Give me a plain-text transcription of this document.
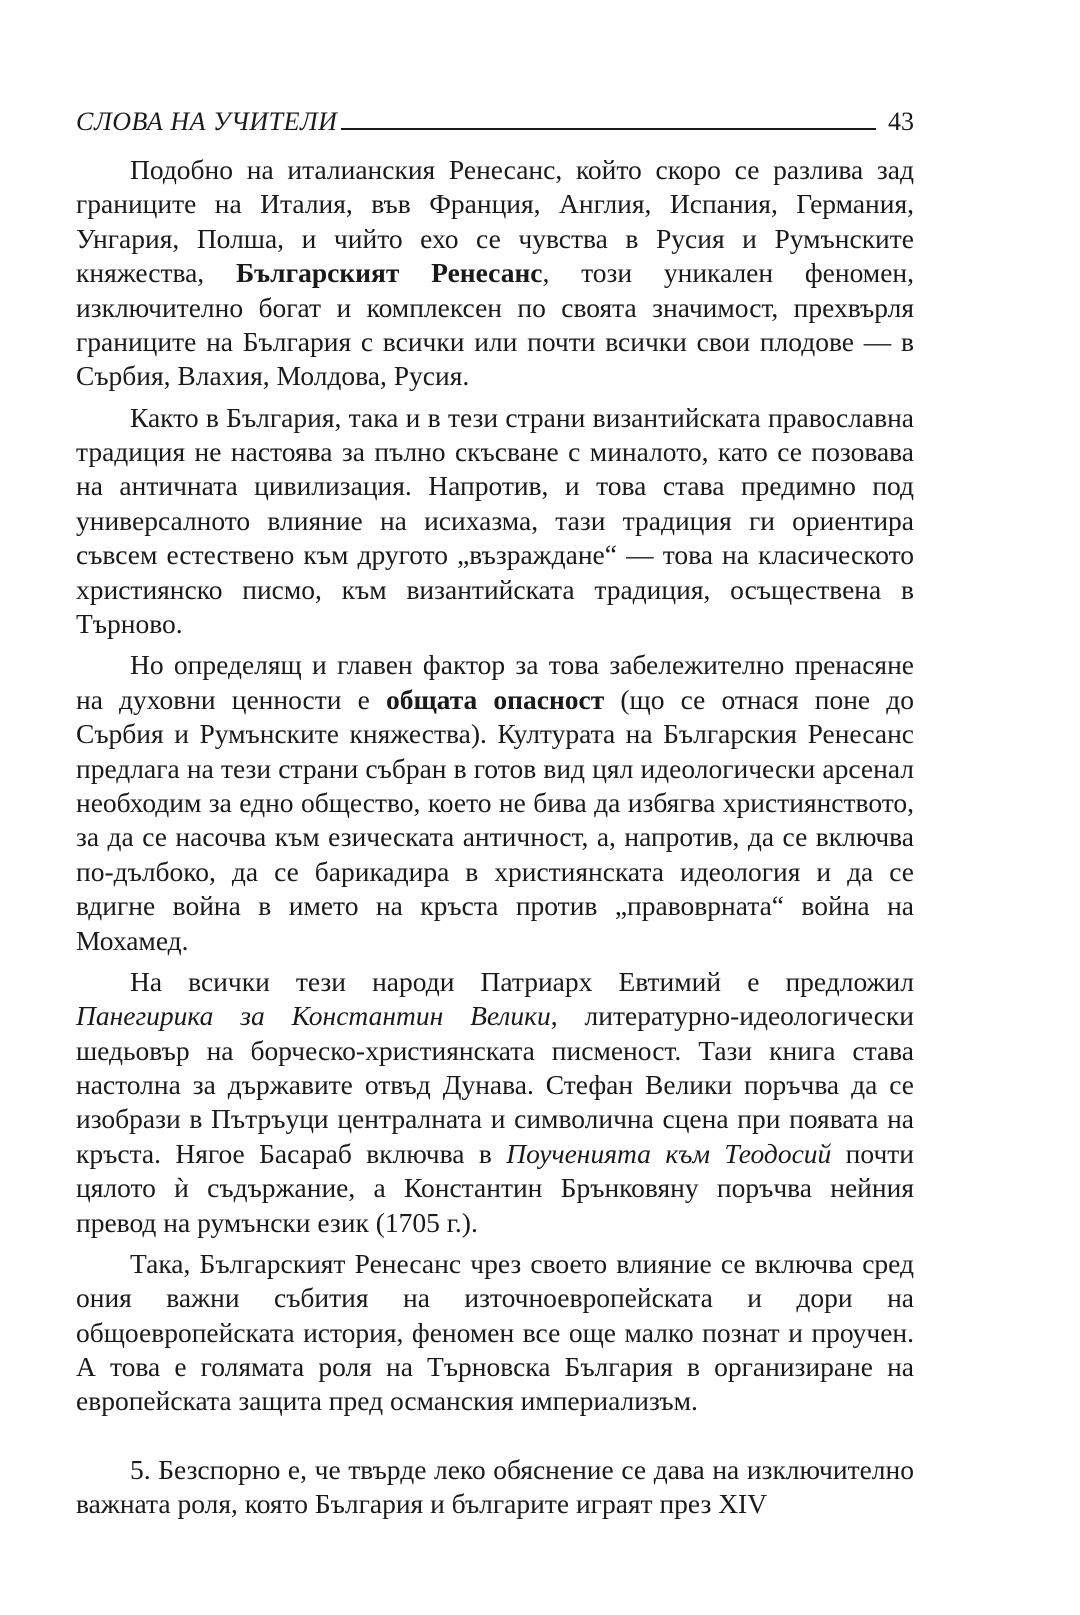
СЛОВА НА УЧИТЕЛИ	43

Подобно на италианския Ренесанс, който скоро се разлива зад границите на Италия, във Франция, Англия, Испания, Германия, Унгария, Полша, и чийто ехо се чувства в Русия и Румънските княжества, Българският Ренесанс, този уникален феномен, изключително богат и комплексен по своята значимост, прехвърля границите на България с всички или почти всички свои плодове — в Сърбия, Влахия, Молдова, Русия.

Както в България, така и в тези страни византийската православна традиция не настоява за пълно скъсване с миналото, като се позовава на античната цивилизация. Напротив, и това става предимно под универсалното влияние на исихазма, тази традиция ги ориентира съвсем естествено към другото „възраждане“ — това на класическото християнско писмо, към византийската традиция, осъществена в Търново.

Но определящ и главен фактор за това забележително пренасяне на духовни ценности е общата опасност (що се отнася поне до Сърбия и Румънските княжества). Културата на Българския Ренесанс предлага на тези страни събран в готов вид цял идеологически арсенал необходим за едно общество, което не бива да избягва християнството, за да се насочва към езическата античност, а, напротив, да се включва по-дълбоко, да се барикадира в християнската идеология и да се вдигне война в името на кръста против „правоврната“ война на Мохамед.

На всички тези народи Патриарх Евтимий е предложил Панегирика за Константин Велики, литературно-идеологически шедьовър на борческо-християнската писменост. Тази книга става настолна за държавите отвъд Дунава. Стефан Велики поръчва да се изобрази в Пътръуци централната и символичнa сцена при появата на кръста. Нягое Басараб включва в Поученията към Теодосий почти цялото ѝ съдържание, а Константин Брънковяну поръчва нейния превод на румънски език (1705 г.).

Така, Българският Ренесанс чрез своето влияние се включва сред ония важни събития на източноевропейската и дори на общоевропейската история, феномен все още малко познат и проучен. А това е голямата роля на Търновска България в организиране на европейската защита пред османския империализъм.

5. Безспорно е, че твърде леко обяснение се дава на изключително важната роля, която България и българите играят през XIV
